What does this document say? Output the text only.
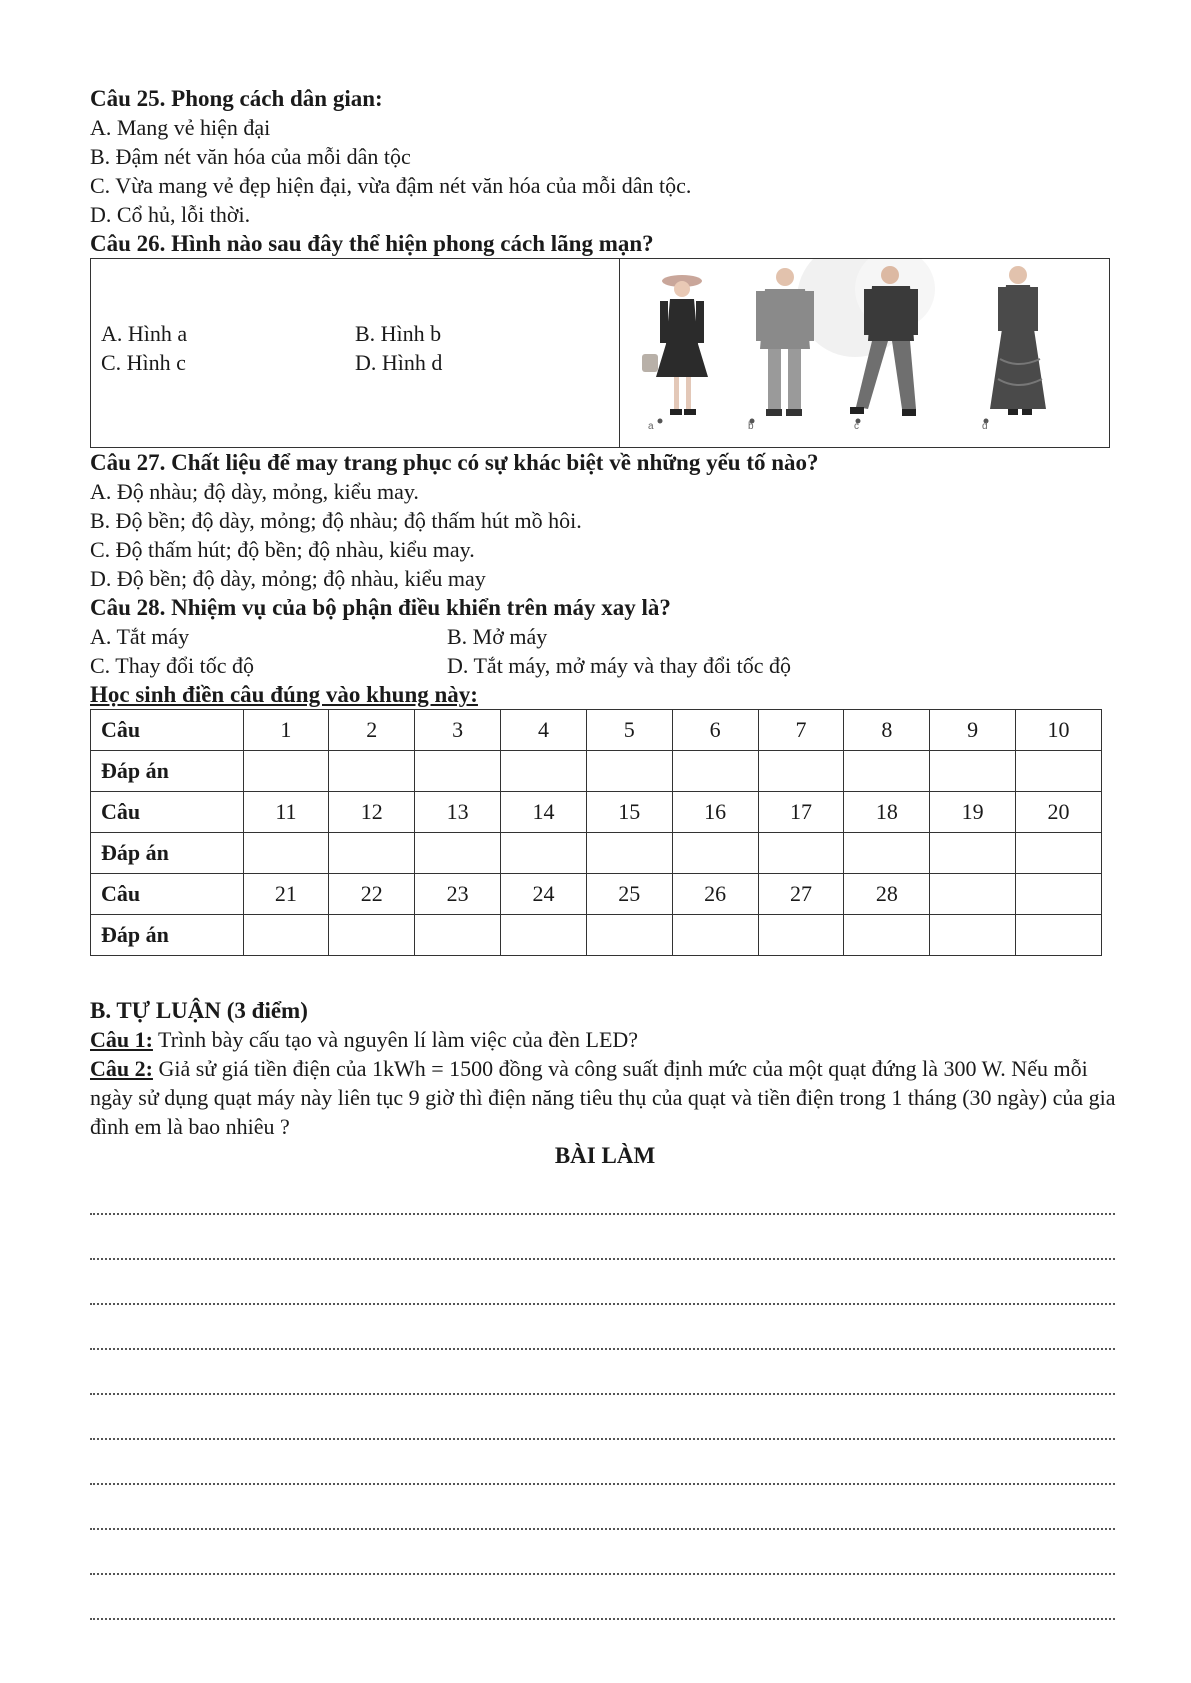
Câu 25. Phong cách dân gian:

A. Mang vẻ hiện đại

B. Đậm nét văn hóa của mỗi dân tộc

C. Vừa mang vẻ đẹp hiện đại, vừa đậm nét văn hóa của mỗi dân tộc.

D. Cổ hủ, lỗi thời.

Câu 26. Hình nào sau đây thể hiện phong cách lãng mạn?

A. Hình a	B. Hình b
C. Hình c	D. Hình d
a	b	c	d

Câu 27. Chất liệu để may trang phục có sự khác biệt về những yếu tố nào?

A. Độ nhàu; độ dày, mỏng, kiểu may.

B. Độ bền; độ dày, mỏng; độ nhàu; độ thấm hút mồ hôi.

C. Độ thấm hút; độ bền; độ nhàu, kiểu may.

D. Độ bền; độ dày, mỏng; độ nhàu, kiểu may

Câu 28. Nhiệm vụ của bộ phận điều khiển trên máy xay là?

A. Tắt máy	B. Mở máy

C. Thay đổi tốc độ	D. Tắt máy, mở máy và thay đổi tốc độ

Học sinh điền câu đúng vào khung này:

Câu	1	2	3	4	5	6	7	8	9	10
Đáp án										
Câu	11	12	13	14	15	16	17	18	19	20
Đáp án										
Câu	21	22	23	24	25	26	27	28		
Đáp án										

B. TỰ LUẬN (3 điểm)

Câu 1: Trình bày cấu tạo và nguyên lí làm việc của đèn LED?

Câu 2: Giả sử giá tiền điện của 1kWh = 1500 đồng và công suất định mức của một quạt đứng là 300 W. Nếu mỗi ngày sử dụng quạt máy này liên tục 9 giờ thì điện năng tiêu thụ của quạt và tiền điện trong 1 tháng (30 ngày) của gia đình em là bao nhiêu ?

BÀI LÀM
